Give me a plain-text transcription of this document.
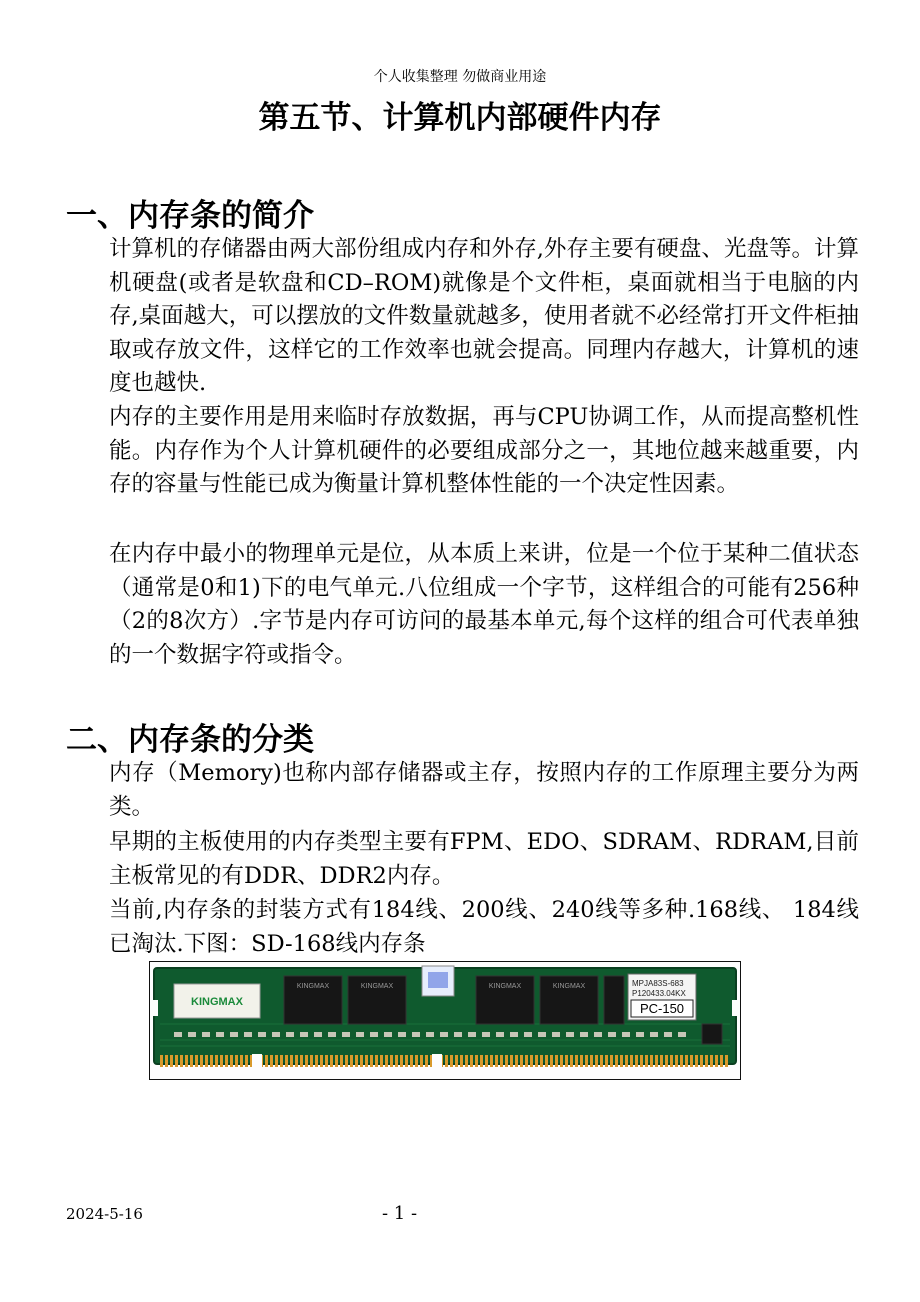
个人收集整理 勿做商业用途
第五节、计算机内部硬件内存
一、内存条的简介

计算机的存储器由两大部份组成内存和外存,外存主要有硬盘、光盘等。计算机硬盘(或者是软盘和CD–ROM)就像是个文件柜，桌面就相当于电脑的内存,桌面越大，可以摆放的文件数量就越多，使用者就不必经常打开文件柜抽取或存放文件，这样它的工作效率也就会提高。同理内存越大，计算机的速度也越快.

内存的主要作用是用来临时存放数据，再与CPU协调工作，从而提高整机性能。内存作为个人计算机硬件的必要组成部分之一，其地位越来越重要，内存的容量与性能已成为衡量计算机整体性能的一个决定性因素。

在内存中最小的物理单元是位，从本质上来讲，位是一个位于某种二值状态（通常是0和1)下的电气单元.八位组成一个字节，这样组合的可能有256种（2的8次方）.字节是内存可访问的最基本单元,每个这样的组合可代表单独的一个数据字符或指令。

二、内存条的分类

内存（Memory)也称内部存储器或主存，按照内存的工作原理主要分为两类。

早期的主板使用的内存类型主要有FPM、EDO、SDRAM、RDRAM,目前主板常见的有DDR、DDR2内存。

当前,内存条的封装方式有184线、200线、240线等多种.168线、 184线已淘汰.下图：SD-168线内存条

KINGMAX
KINGMAX	KINGMAX	KINGMAX	KINGMAX	MPJA83S-683
P120433.04KX
PC-150
2024-5-16	- 1 -
